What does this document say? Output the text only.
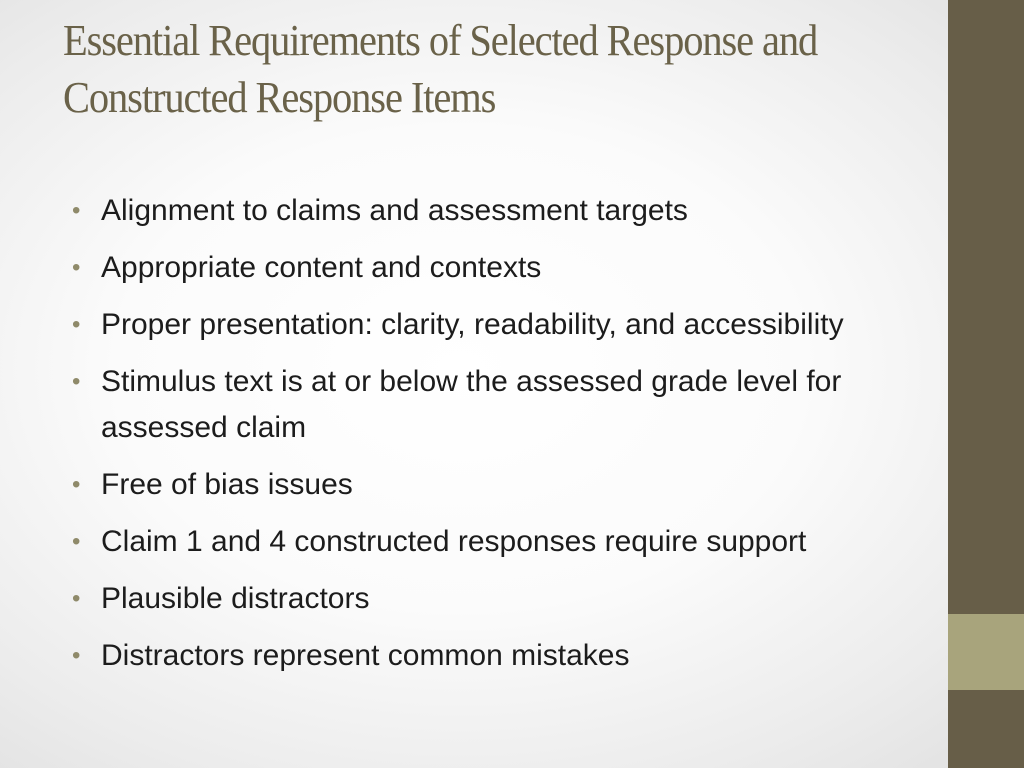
Essential Requirements of Selected Response and Constructed Response Items
• Alignment to claims and assessment targets
• Appropriate content and contexts
• Proper presentation: clarity, readability, and accessibility
• Stimulus text is at or below the assessed grade level for assessed claim
• Free of bias issues
• Claim 1 and 4 constructed responses require support
• Plausible distractors
• Distractors represent common mistakes
